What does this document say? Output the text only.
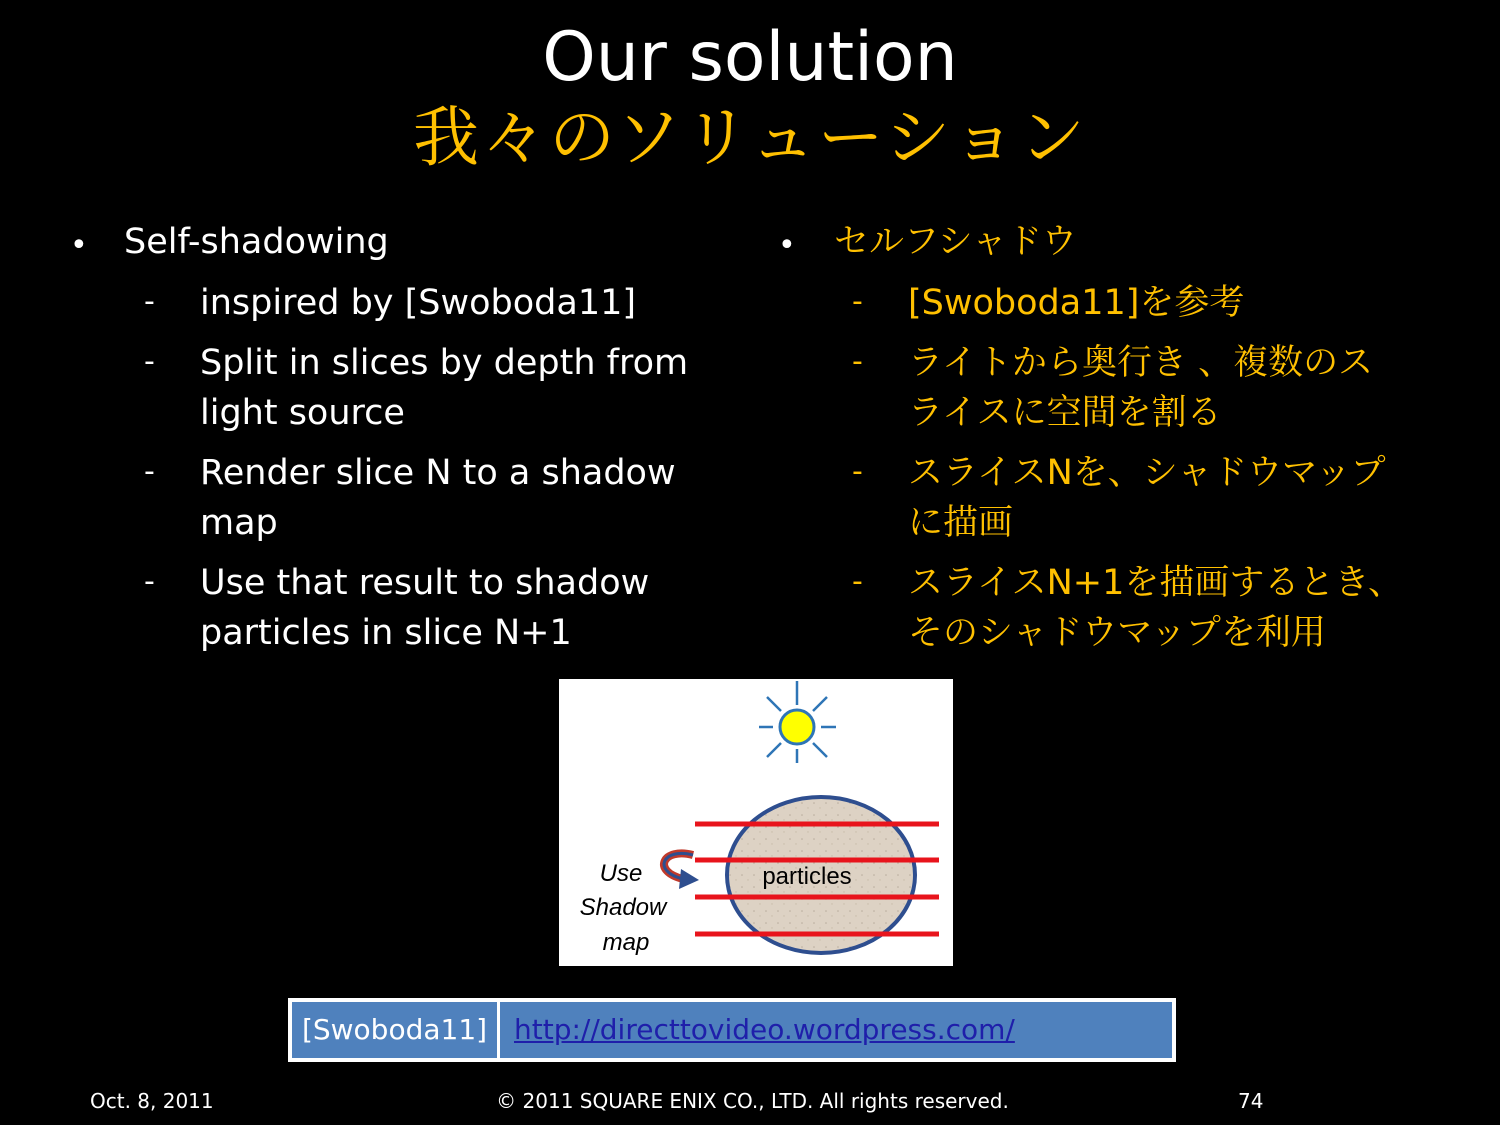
Our solution
我々のソリューション
• Self-shadowing
- inspired by [Swoboda11]
- Split in slices by depth from
light source
- Render slice N to a shadow
map
- Use that result to shadow
particles in slice N+1
• セルフシャドウ
- [Swoboda11]を参考
- ライトから奥行き 、複数のス
ライスに空間を割る
- スライスNを、シャドウマップ
に描画
- スライスN+1を描画するとき、
そのシャドウマップを利用
Use
Shadow
map
particles
[Swoboda11] http://directtovideo.wordpress.com/
Oct. 8, 2011	© 2011 SQUARE ENIX CO., LTD. All rights reserved.	74
